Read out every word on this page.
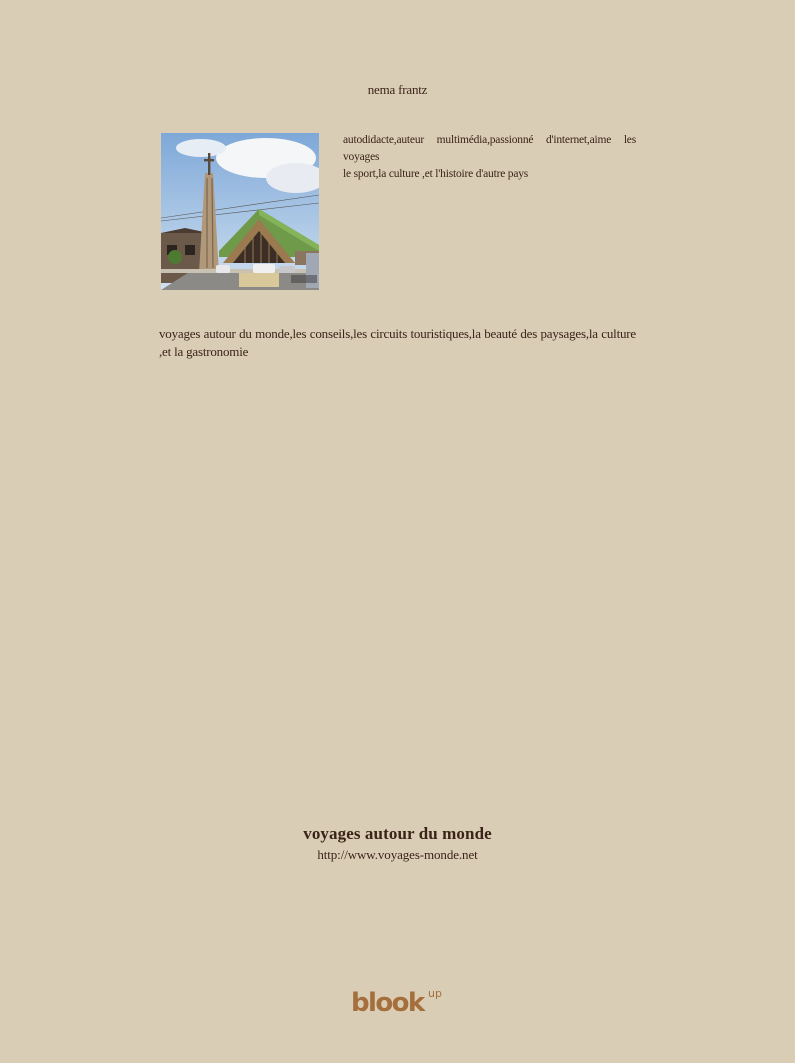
nema frantz

autodidacte,auteur multimédia,passionné d'internet,aime les voyages

le sport,la culture ,et l'histoire d'autre pays

voyages autour du monde,les conseils,les circuits touristiques,la beauté des paysages,la culture ,et la gastronomie
voyages autour du monde
http://www.voyages-monde.net
blook up
